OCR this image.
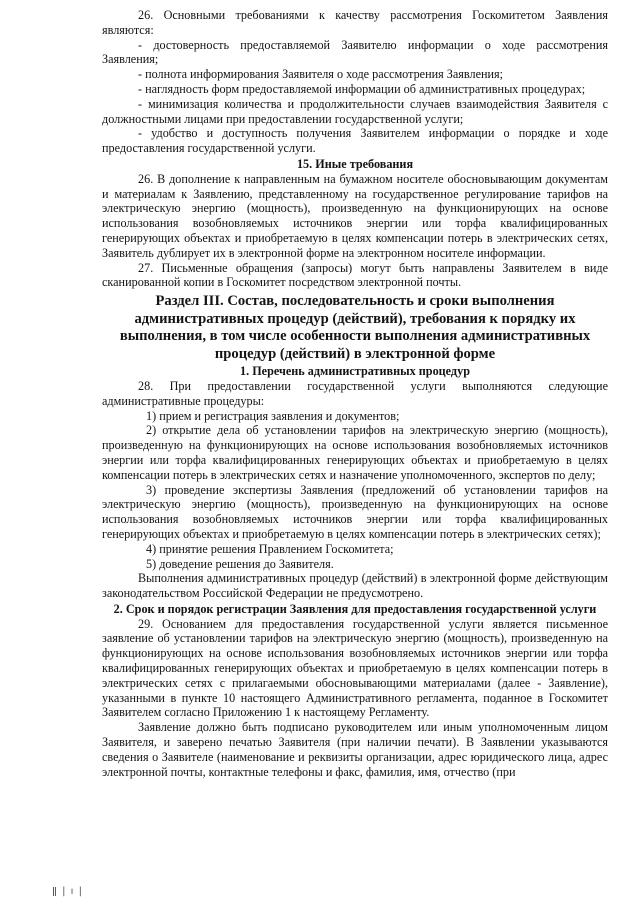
26. Основными требованиями к качеству рассмотрения Госкомитетом Заявления являются:

- достоверность предоставляемой Заявителю информации о ходе рассмотрения Заявления;

- полнота информирования Заявителя о ходе рассмотрения Заявления;

- наглядность форм предоставляемой информации об административных процедурах;

- минимизация количества и продолжительности случаев взаимодействия Заявителя с должностными лицами при предоставлении государственной услуги;

- удобство и доступность получения Заявителем информации о порядке и ходе предоставления государственной услуги.

15. Иные требования

26. В дополнение к направленным на бумажном носителе обосновывающим документам и материалам к Заявлению, представленному на государственное регулирование тарифов на электрическую энергию (мощность), произведенную на функционирующих на основе использования возобновляемых источников энергии или торфа квалифицированных генерирующих объектах и приобретаемую в целях компенсации потерь в электрических сетях, Заявитель дублирует их в электронной форме на электронном носителе информации.

27. Письменные обращения (запросы) могут быть направлены Заявителем в виде сканированной копии в Госкомитет посредством электронной почты.

Раздел III. Состав, последовательность и сроки выполнения административных процедур (действий), требования к порядку их выполнения, в том числе особенности выполнения административных процедур (действий) в электронной форме
1. Перечень административных процедур

28. При предоставлении государственной услуги выполняются следующие административные процедуры:

1) прием и регистрация заявления и документов;

2) открытие дела об установлении тарифов на электрическую энергию (мощность), произведенную на функционирующих на основе использования возобновляемых источников энергии или торфа квалифицированных генерирующих объектах и приобретаемую в целях компенсации потерь в электрических сетях и назначение уполномоченного, экспертов по делу;

3) проведение экспертизы Заявления (предложений об установлении тарифов на электрическую энергию (мощность), произведенную на функционирующих на основе использования возобновляемых источников энергии или торфа квалифицированных генерирующих объектах и приобретаемую в целях компенсации потерь в электрических сетях);

4) принятие решения Правлением Госкомитета;

5) доведение решения до Заявителя.

Выполнения административных процедур (действий) в электронной форме действующим законодательством Российской Федерации не предусмотрено.

2. Срок и порядок регистрации Заявления для предоставления государственной услуги

29. Основанием для предоставления государственной услуги является письменное заявление об установлении тарифов на электрическую энергию (мощность), произведенную на функционирующих на основе использования возобновляемых источников энергии или торфа квалифицированных генерирующих объектах и приобретаемую в целях компенсации потерь в электрических сетях с прилагаемыми обосновывающими материалами (далее - Заявление), указанными в пункте 10 настоящего Административного регламента, поданное в Госкомитет Заявителем согласно Приложению 1 к настоящему Регламенту.

Заявление должно быть подписано руководителем или иным уполномоченным лицом Заявителя, и заверено печатью Заявителя (при наличии печати). В Заявлении указываются сведения о Заявителе (наименование и реквизиты организации, адрес юридического лица, адрес электронной почты, контактные телефоны и факс, фамилия, имя, отчество (при

ǁ | ı |
